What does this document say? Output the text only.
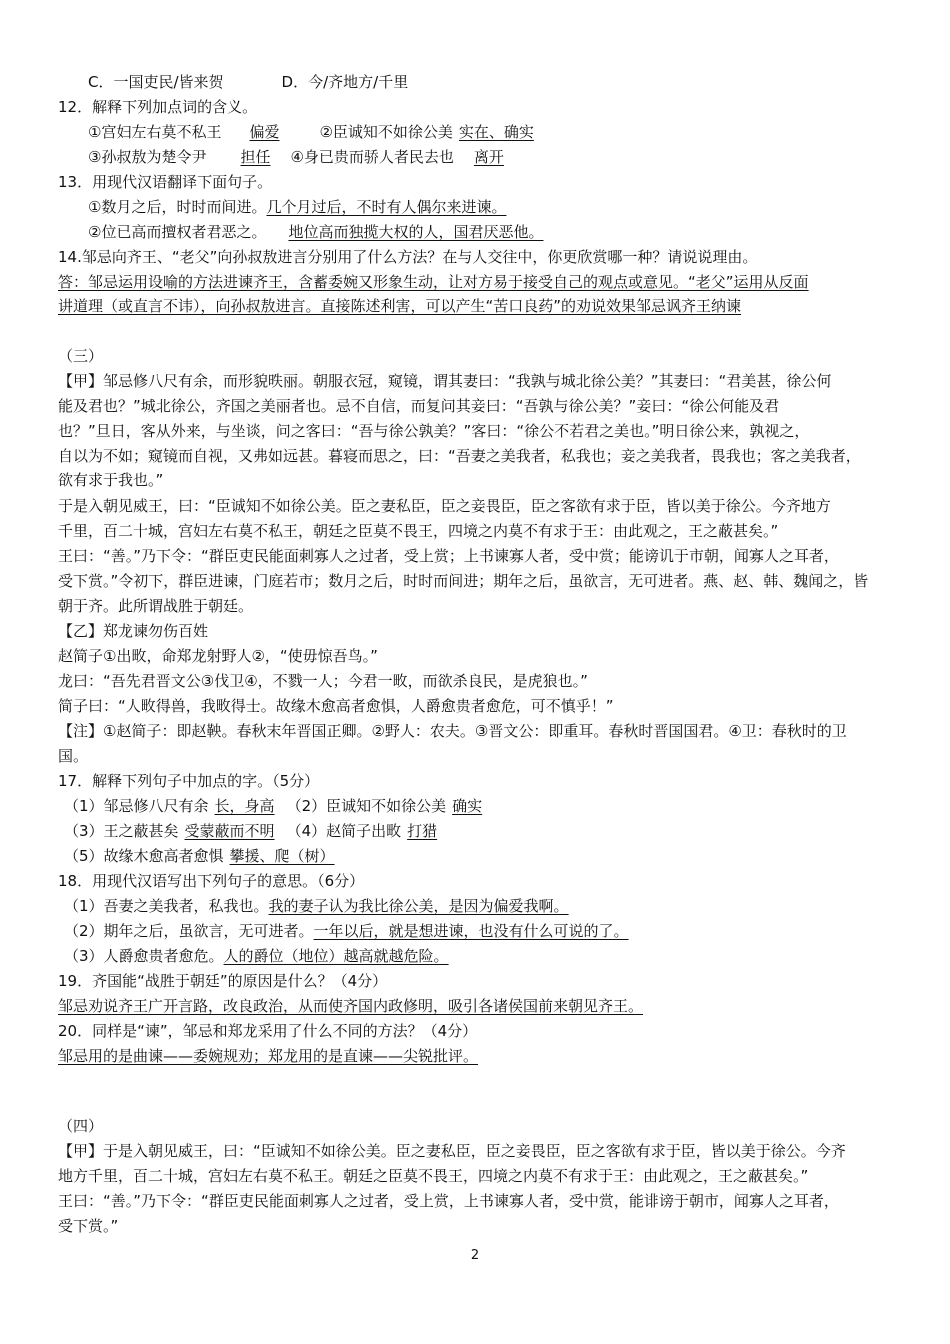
C．一国吏民/皆来贺	D．今/齐地方/千里
12．解释下列加点词的含义。
①宫妇左右莫不私王 偏爱	②臣诚知不如徐公美 实在、确实
③孙叔敖为楚令尹 担任 ④身已贵而骄人者民去也 离开
13．用现代汉语翻译下面句子。
①数月之后，时时而间进。几个月过后，不时有人偶尔来进谏。
②位已高而擅权者君恶之。 地位高而独揽大权的人，国君厌恶他。
14.邹忌向齐王、“老父”向孙叔敖进言分别用了什么方法？在与人交往中，你更欣赏哪一种？请说说理由。
答：邹忌运用设喻的方法进谏齐王，含蓄委婉又形象生动，让对方易于接受自己的观点或意见。“老父”运用从反面
讲道理（或直言不讳），向孙叔敖进言。直接陈述利害，可以产生“苦口良药”的劝说效果邹忌讽齐王纳谏
（三）
【甲】邹忌修八尺有余，而形貌昳丽。朝服衣冠，窥镜，谓其妻曰：“我孰与城北徐公美？”其妻曰：“君美甚，徐公何
能及君也？”城北徐公，齐国之美丽者也。忌不自信，而复问其妾曰：“吾孰与徐公美？”妾曰：“徐公何能及君
也？”旦日，客从外来，与坐谈，问之客曰：“吾与徐公孰美？”客曰：“徐公不若君之美也。”明日徐公来，孰视之，
自以为不如；窥镜而自视，又弗如远甚。暮寝而思之，曰：“吾妻之美我者，私我也；妾之美我者，畏我也；客之美我者，
欲有求于我也。”
于是入朝见威王，曰：“臣诚知不如徐公美。臣之妻私臣，臣之妾畏臣，臣之客欲有求于臣，皆以美于徐公。今齐地方
千里，百二十城，宫妇左右莫不私王，朝廷之臣莫不畏王，四境之内莫不有求于王：由此观之，王之蔽甚矣。”
王曰：“善。”乃下令：“群臣吏民能面刺寡人之过者，受上赏；上书谏寡人者，受中赏；能谤讥于市朝，闻寡人之耳者，
受下赏。”令初下，群臣进谏，门庭若市；数月之后，时时而间进；期年之后，虽欲言，无可进者。燕、赵、韩、魏闻之，皆
朝于齐。此所谓战胜于朝廷。
【乙】郑龙谏勿伤百姓
赵简子①出畋，命郑龙射野人②，“使毋惊吾鸟。”
龙曰：“吾先君晋文公③伐卫④，不戮一人；今君一畋，而欲杀良民，是虎狼也。”
简子曰：“人畋得兽，我畋得士。故缘木愈高者愈惧，人爵愈贵者愈危，可不慎乎！”
【注】①赵简子：即赵鞅。春秋末年晋国正卿。②野人：农夫。③晋文公：即重耳。春秋时晋国国君。④卫：春秋时的卫
国。
17．解释下列句子中加点的字。（5分）
（1）邹忌修八尺有余 长，身高 （2）臣诚知不如徐公美 确实
（3）王之蔽甚矣 受蒙蔽而不明 （4）赵简子出畋 打猎
（5）故缘木愈高者愈惧 攀援、爬（树）
18．用现代汉语写出下列句子的意思。（6分）
（1）吾妻之美我者，私我也。我的妻子认为我比徐公美，是因为偏爱我啊。
（2）期年之后，虽欲言，无可进者。一年以后，就是想进谏，也没有什么可说的了。
（3）人爵愈贵者愈危。人的爵位（地位）越高就越危险。
19．齐国能“战胜于朝廷”的原因是什么？（4分）
邹忌劝说齐王广开言路，改良政治，从而使齐国内政修明，吸引各诸侯国前来朝见齐王。
20．同样是“谏”，邹忌和郑龙采用了什么不同的方法？（4分）
邹忌用的是曲谏——委婉规劝；郑龙用的是直谏——尖锐批评。
（四）
【甲】于是入朝见威王，曰：“臣诚知不如徐公美。臣之妻私臣，臣之妾畏臣，臣之客欲有求于臣，皆以美于徐公。今齐
地方千里，百二十城，宫妇左右莫不私王。朝廷之臣莫不畏王，四境之内莫不有求于王：由此观之，王之蔽甚矣。”
王曰：“善。”乃下令：“群臣吏民能面刺寡人之过者，受上赏，上书谏寡人者，受中赏，能诽谤于朝市，闻寡人之耳者，
受下赏。”
2
